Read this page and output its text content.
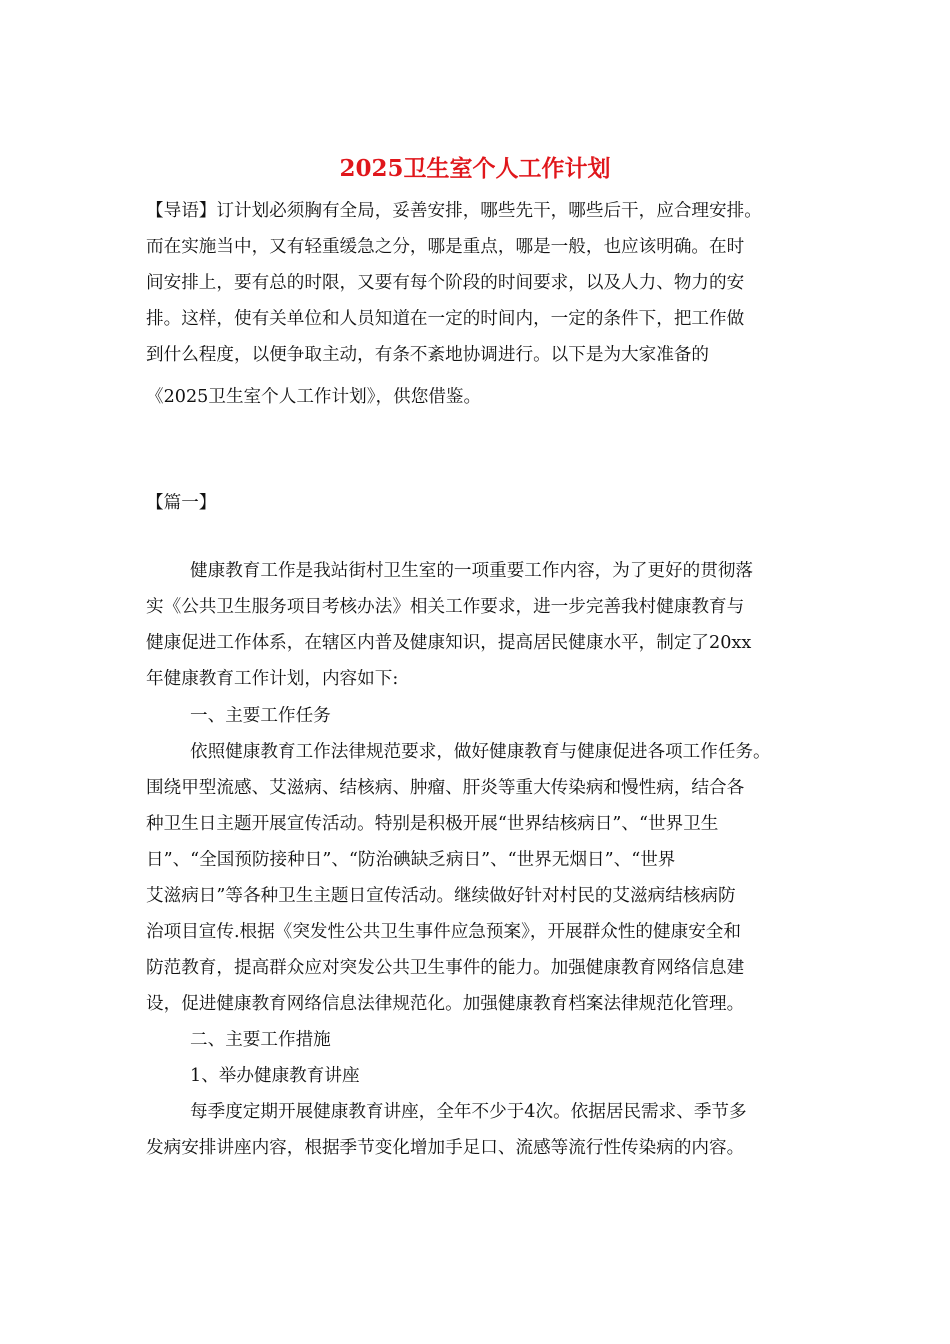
2025卫生室个人工作计划
【导语】订计划必须胸有全局，妥善安排，哪些先干，哪些后干，应合理安排。
而在实施当中，又有轻重缓急之分，哪是重点，哪是一般，也应该明确。在时
间安排上，要有总的时限，又要有每个阶段的时间要求，以及人力、物力的安
排。这样，使有关单位和人员知道在一定的时间内，一定的条件下，把工作做
到什么程度，以便争取主动，有条不紊地协调进行。以下是为大家准备的
《2025卫生室个人工作计划》，供您借鉴。
【篇一】
健康教育工作是我站街村卫生室的一项重要工作内容，为了更好的贯彻落
实《公共卫生服务项目考核办法》相关工作要求，进一步完善我村健康教育与
健康促进工作体系，在辖区内普及健康知识，提高居民健康水平，制定了20xx
年健康教育工作计划，内容如下:
一、主要工作任务
依照健康教育工作法律规范要求，做好健康教育与健康促进各项工作任务。
围绕甲型流感、艾滋病、结核病、肿瘤、肝炎等重大传染病和慢性病，结合各
种卫生日主题开展宣传活动。特别是积极开展“世界结核病日”、“世界卫生
日”、“全国预防接种日”、“防治碘缺乏病日”、“世界无烟日”、“世界
艾滋病日”等各种卫生主题日宣传活动。继续做好针对村民的艾滋病结核病防
治项目宣传.根据《突发性公共卫生事件应急预案》，开展群众性的健康安全和
防范教育，提高群众应对突发公共卫生事件的能力。加强健康教育网络信息建
设，促进健康教育网络信息法律规范化。加强健康教育档案法律规范化管理。
二、主要工作措施
1、举办健康教育讲座
每季度定期开展健康教育讲座，全年不少于4次。依据居民需求、季节多
发病安排讲座内容，根据季节变化增加手足口、流感等流行性传染病的内容。
